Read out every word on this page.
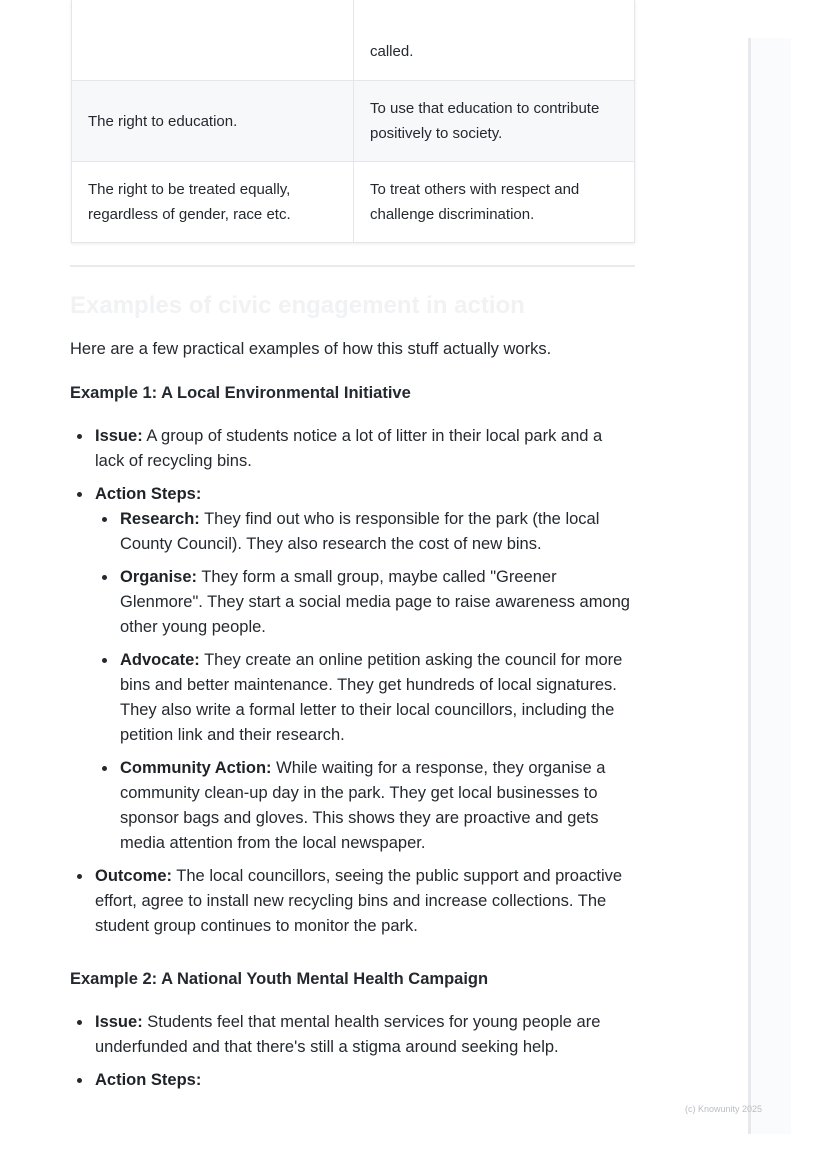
called.
The right to education.
To use that education to contribute positively to society.
The right to be treated equally, regardless of gender, race etc.
To treat others with respect and challenge discrimination.
Examples of civic engagement in action

Here are a few practical examples of how this stuff actually works.

Example 1: A Local Environmental Initiative

Issue: A group of students notice a lot of litter in their local park and a lack of recycling bins.
Action Steps:
Research: They find out who is responsible for the park (the local County Council). They also research the cost of new bins.
Organise: They form a small group, maybe called "Greener Glenmore". They start a social media page to raise awareness among other young people.
Advocate: They create an online petition asking the council for more bins and better maintenance. They get hundreds of local signatures. They also write a formal letter to their local councillors, including the petition link and their research.
Community Action: While waiting for a response, they organise a community clean-up day in the park. They get local businesses to sponsor bags and gloves. This shows they are proactive and gets media attention from the local newspaper.
Outcome: The local councillors, seeing the public support and proactive effort, agree to install new recycling bins and increase collections. The student group continues to monitor the park.

Example 2: A National Youth Mental Health Campaign

Issue: Students feel that mental health services for young people are underfunded and that there's still a stigma around seeking help.
Action Steps:
(c) Knowunity 2025
